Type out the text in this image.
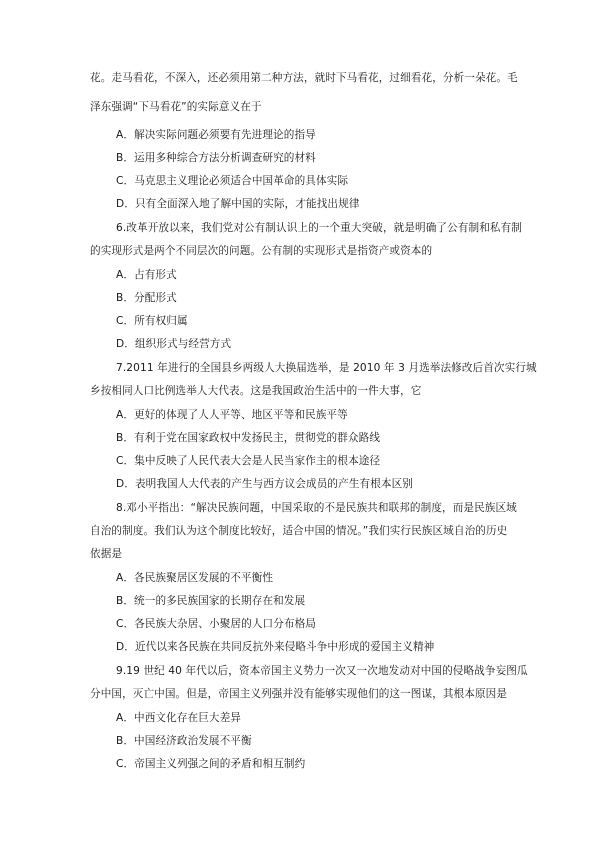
花。走马看花，不深入，还必须用第二种方法，就时下马看花，过细看花，分析一朵花。毛
泽东强调“下马看花”的实际意义在于
A．解决实际问题必须要有先进理论的指导
B．运用多种综合方法分析调查研究的材料
C．马克思主义理论必须适合中国革命的具体实际
D．只有全面深入地了解中国的实际，才能找出规律
6.改革开放以来，我们党对公有制认识上的一个重大突破，就是明确了公有制和私有制
的实现形式是两个不同层次的问题。公有制的实现形式是指资产或资本的
A．占有形式
B．分配形式
C．所有权归属
D．组织形式与经营方式
7.2011 年进行的全国县乡两级人大换届选举，是 2010 年 3 月选举法修改后首次实行城
乡按相同人口比例选举人大代表。这是我国政治生活中的一件大事，它
A．更好的体现了人人平等、地区平等和民族平等
B．有利于党在国家政权中发扬民主，贯彻党的群众路线
C．集中反映了人民代表大会是人民当家作主的根本途径
D．表明我国人大代表的产生与西方议会成员的产生有根本区别
8.邓小平指出：“解决民族问题，中国采取的不是民族共和联邦的制度，而是民族区域
自治的制度。我们认为这个制度比较好，适合中国的情况。”我们实行民族区域自治的历史
依据是
A．各民族聚居区发展的不平衡性
B．统一的多民族国家的长期存在和发展
C．各民族大杂居、小聚居的人口分布格局
D．近代以来各民族在共同反抗外来侵略斗争中形成的爱国主义精神
9.19 世纪 40 年代以后，资本帝国主义势力一次又一次地发动对中国的侵略战争妄图瓜
分中国，灭亡中国。但是，帝国主义列强并没有能够实现他们的这一图谋，其根本原因是
A．中西文化存在巨大差异
B．中国经济政治发展不平衡
C．帝国主义列强之间的矛盾和相互制约
